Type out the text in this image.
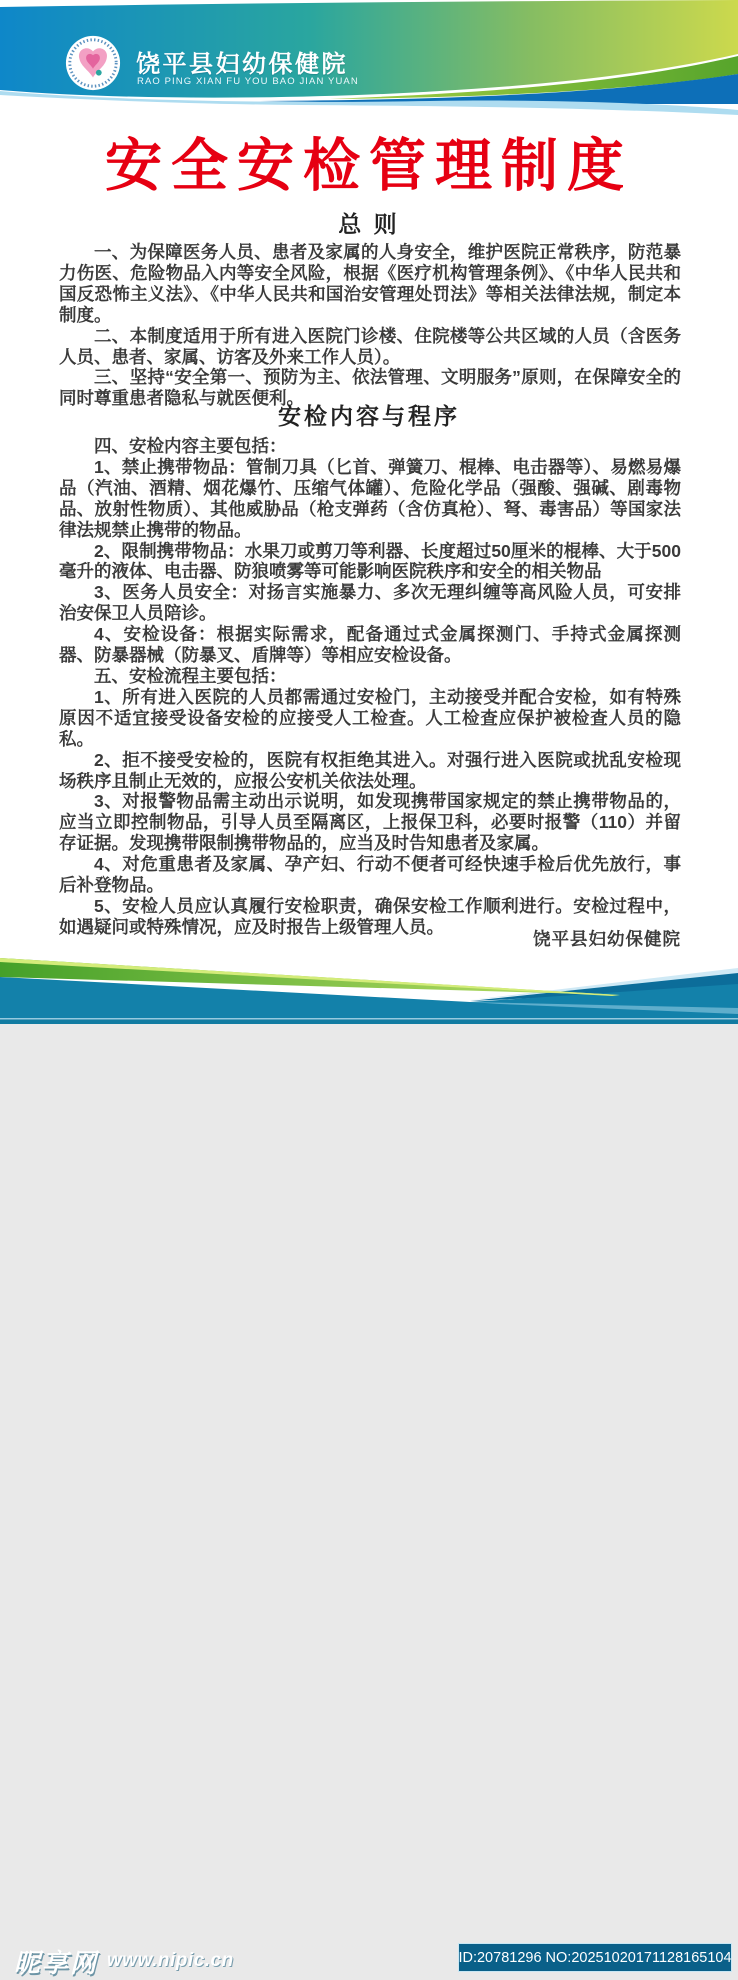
饶平县妇幼保健院
RAO PING XIAN FU YOU BAO JIAN YUAN
安全安检管理制度
总 则

一、为保障医务人员、患者及家属的人身安全，维护医院正常秩序，防范暴力伤医、危险物品入内等安全风险，根据《医疗机构管理条例》、《中华人民共和国反恐怖主义法》、《中华人民共和国治安管理处罚法》等相关法律法规，制定本制度。

二、本制度适用于所有进入医院门诊楼、住院楼等公共区域的人员（含医务人员、患者、家属、访客及外来工作人员）。

三、坚持“安全第一、预防为主、依法管理、文明服务”原则，在保障安全的同时尊重患者隐私与就医便利。

安检内容与程序

四、安检内容主要包括：

1、禁止携带物品：管制刀具（匕首、弹簧刀、棍棒、电击器等）、易燃易爆品（汽油、酒精、烟花爆竹、压缩气体罐）、危险化学品（强酸、强碱、剧毒物品、放射性物质）、其他威胁品（枪支弹药（含仿真枪）、弩、毒害品）等国家法律法规禁止携带的物品。

2、限制携带物品：水果刀或剪刀等利器、长度超过50厘米的棍棒、大于500毫升的液体、电击器、防狼喷雾等可能影响医院秩序和安全的相关物品

3、医务人员安全：对扬言实施暴力、多次无理纠缠等高风险人员，可安排治安保卫人员陪诊。

4、安检设备：根据实际需求，配备通过式金属探测门、手持式金属探测器、防暴器械（防暴叉、盾牌等）等相应安检设备。

五、安检流程主要包括：

1、所有进入医院的人员都需通过安检门，主动接受并配合安检，如有特殊原因不适宜接受设备安检的应接受人工检查。人工检查应保护被检查人员的隐私。

2、拒不接受安检的，医院有权拒绝其进入。对强行进入医院或扰乱安检现场秩序且制止无效的，应报公安机关依法处理。

3、对报警物品需主动出示说明，如发现携带国家规定的禁止携带物品的，应当立即控制物品，引导人员至隔离区，上报保卫科，必要时报警（110）并留存证据。发现携带限制携带物品的，应当及时告知患者及家属。

4、对危重患者及家属、孕产妇、行动不便者可经快速手检后优先放行，事后补登物品。

5、安检人员应认真履行安检职责，确保安检工作顺利进行。安检过程中，如遇疑问或特殊情况，应及时报告上级管理人员。

饶平县妇幼保健院
昵享网 www.nipic.cn	ID:20781296 NO:20251020171128165104
